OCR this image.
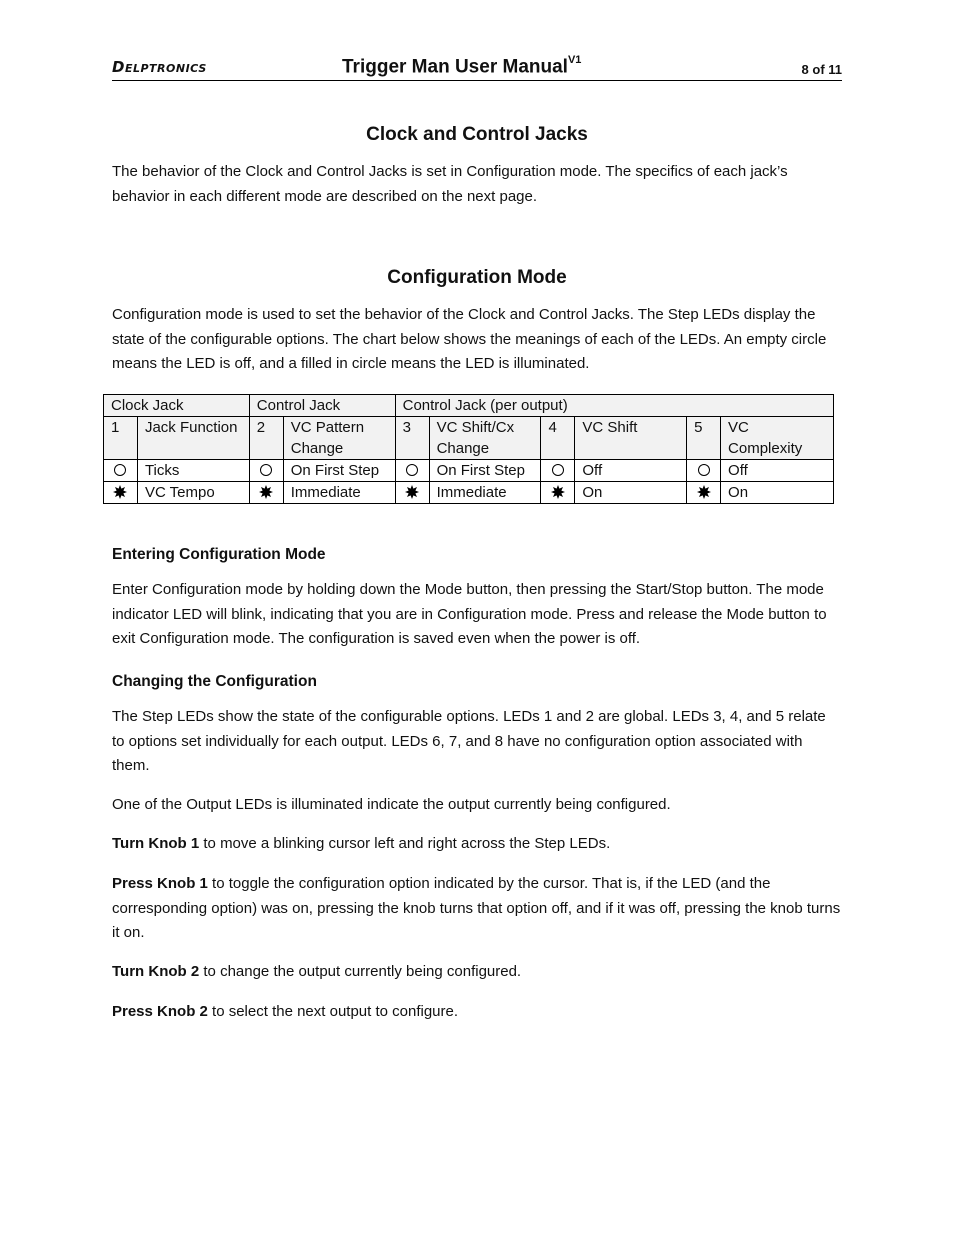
Delptronics	Trigger Man User Manual$^{V1}$
8 of 11
Clock and Control Jacks

The behavior of the Clock and Control Jacks is set in Configuration mode. The specifics of each jack’s behavior in each different mode are described on the next page.

Configuration Mode

Configuration mode is used to set the behavior of the Clock and Control Jacks. The Step LEDs display the state of the configurable options. The chart below shows the meanings of each of the LEDs. An empty circle means the LED is off, and a filled in circle means the LED is illuminated.

Clock Jack		Control Jack		Control Jack (per output)					
1	Jack Function	2	VC Pattern Change	3	VC Shift/Cx Change	4	VC Shift	5	VC Complexity
	Ticks		On First Step		On First Step		Off		Off
	VC Tempo		Immediate		Immediate		On		On
Entering Configuration Mode

Enter Configuration mode by holding down the Mode button, then pressing the Start/Stop button. The mode indicator LED will blink, indicating that you are in Configuration mode. Press and release the Mode button to exit Configuration mode. The configuration is saved even when the power is off.

Changing the Configuration

The Step LEDs show the state of the configurable options. LEDs 1 and 2 are global. LEDs 3, 4, and 5 relate to options set individually for each output. LEDs 6, 7, and 8 have no configuration option associated with them.

One of the Output LEDs is illuminated indicate the output currently being configured.

Turn Knob 1 to move a blinking cursor left and right across the Step LEDs.

Press Knob 1 to toggle the configuration option indicated by the cursor. That is, if the LED (and the corresponding option) was on, pressing the knob turns that option off, and if it was off, pressing the knob turns it on.

Turn Knob 2 to change the output currently being configured.

Press Knob 2 to select the next output to configure.
